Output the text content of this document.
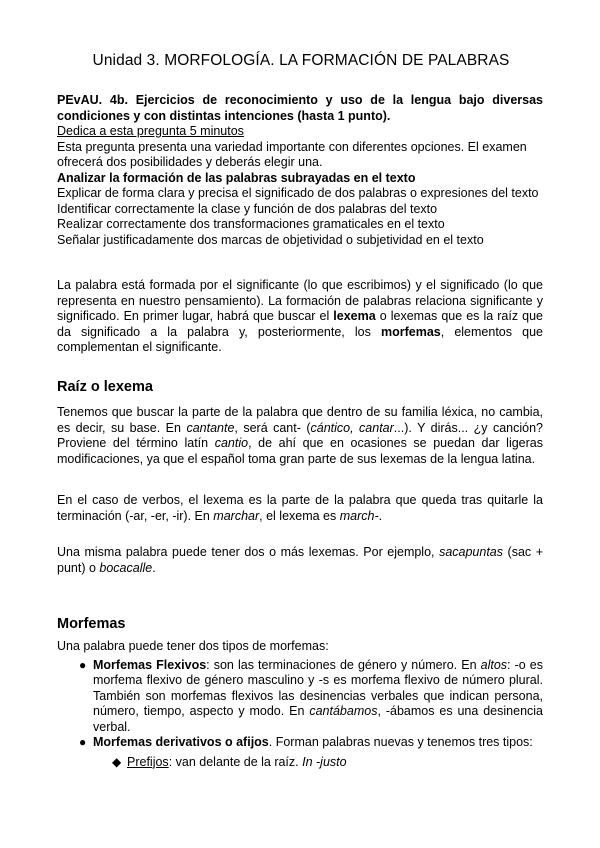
Unidad 3. MORFOLOGÍA. LA FORMACIÓN DE PALABRAS

PEvAU. 4b. Ejercicios de reconocimiento y uso de la lengua bajo diversas condiciones y con distintas intenciones (hasta 1 punto).

Dedica a esta pregunta 5 minutos

Esta pregunta presenta una variedad importante con diferentes opciones. El examen ofrecerá dos posibilidades y deberás elegir una.

Analizar la formación de las palabras subrayadas en el texto

Explicar de forma clara y precisa el significado de dos palabras o expresiones del texto

Identificar correctamente la clase y función de dos palabras del texto

Realizar correctamente dos transformaciones gramaticales en el texto

Señalar justificadamente dos marcas de objetividad o subjetividad en el texto

La palabra está formada por el significante (lo que escribimos) y el significado (lo que representa en nuestro pensamiento). La formación de palabras relaciona significante y significado. En primer lugar, habrá que buscar el lexema o lexemas que es la raíz que da significado a la palabra y, posteriormente, los morfemas, elementos que complementan el significante.
Raíz o lexema
Tenemos que buscar la parte de la palabra que dentro de su familia léxica, no cambia, es decir, su base. En cantante, será cant- (cántico, cantar...). Y dirás... ¿y canción? Proviene del término latín cantio, de ahí que en ocasiones se puedan dar ligeras modificaciones, ya que el español toma gran parte de sus lexemas de la lengua latina.
En el caso de verbos, el lexema es la parte de la palabra que queda tras quitarle la terminación (-ar, -er, -ir). En marchar, el lexema es march-.
Una misma palabra puede tener dos o más lexemas. Por ejemplo, sacapuntas (sac + punt) o bocacalle.
Morfemas

Una palabra puede tener dos tipos de morfemas:

● Morfemas Flexivos: son las terminaciones de género y número. En altos: -o es morfema flexivo de género masculino y -s es morfema flexivo de número plural. También son morfemas flexivos las desinencias verbales que indican persona, número, tiempo, aspecto y modo. En cantábamos, -ábamos es una desinencia verbal.
● Morfemas derivativos o afijos. Forman palabras nuevas y tenemos tres tipos:
◆ Prefijos: van delante de la raíz. In -justo
